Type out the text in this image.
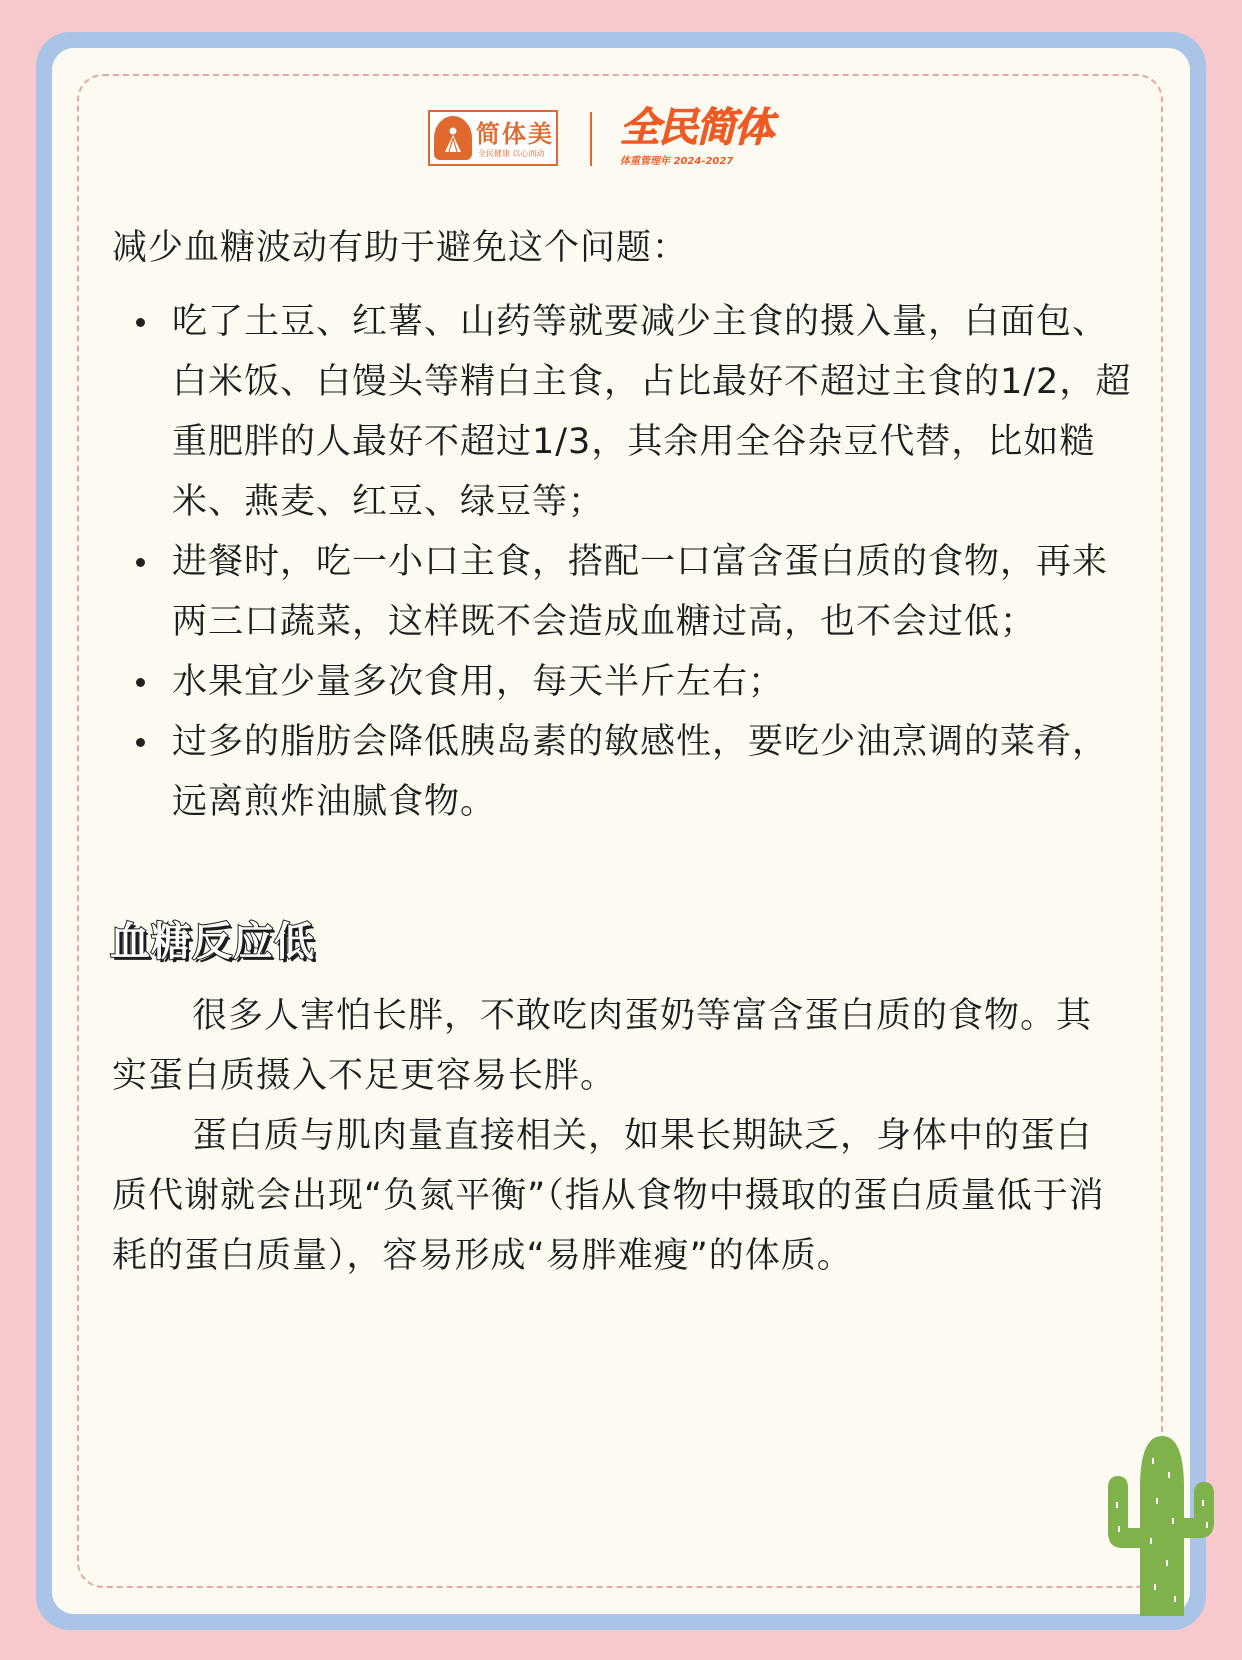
简体美
全民健康 以心而动
全民简体
体重管理年 2024-2027
减少血糖波动有助于避免这个问题：
吃了土豆、红薯、山药等就要减少主食的摄入量，白面包、白米饭、白馒头等精白主食，占比最好不超过主食的1/2，超重肥胖的人最好不超过1/3，其余用全谷杂豆代替，比如糙米、燕麦、红豆、绿豆等；
进餐时，吃一小口主食，搭配一口富含蛋白质的食物，再来两三口蔬菜，这样既不会造成血糖过高，也不会过低；
水果宜少量多次食用，每天半斤左右；
过多的脂肪会降低胰岛素的敏感性，要吃少油烹调的菜肴，远离煎炸油腻食物。
血糖反应低

很多人害怕长胖，不敢吃肉蛋奶等富含蛋白质的食物。其实蛋白质摄入不足更容易长胖。

蛋白质与肌肉量直接相关，如果长期缺乏，身体中的蛋白质代谢就会出现“负氮平衡”（指从食物中摄取的蛋白质量低于消耗的蛋白质量），容易形成“易胖难瘦”的体质。
